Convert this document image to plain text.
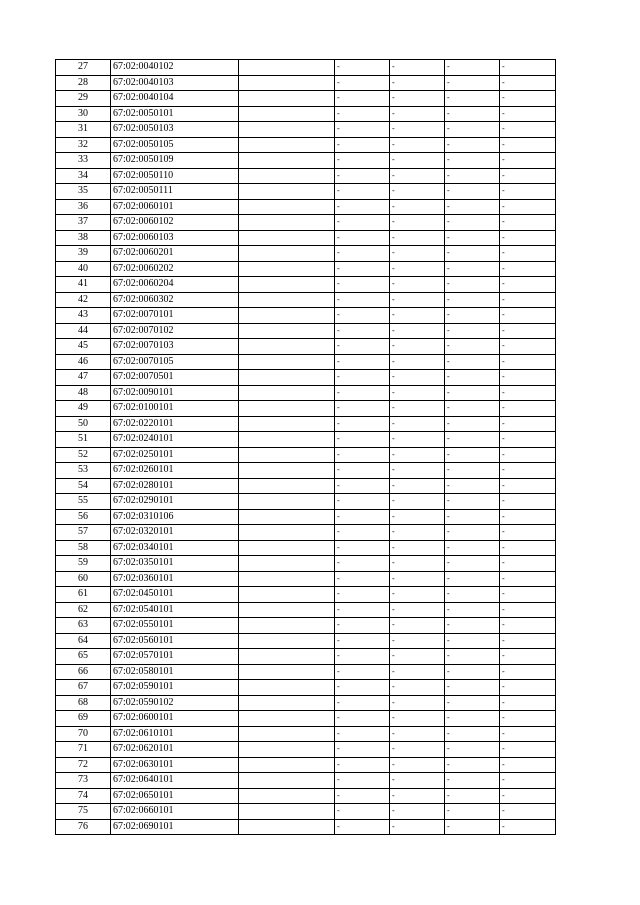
27	67:02:0040102		-	-	-	-
28	67:02:0040103		-	-	-	-
29	67:02:0040104		-	-	-	-
30	67:02:0050101		-	-	-	-
31	67:02:0050103		-	-	-	-
32	67:02:0050105		-	-	-	-
33	67:02:0050109		-	-	-	-
34	67:02:0050110		-	-	-	-
35	67:02:0050111		-	-	-	-
36	67:02:0060101		-	-	-	-
37	67:02:0060102		-	-	-	-
38	67:02:0060103		-	-	-	-
39	67:02:0060201		-	-	-	-
40	67:02:0060202		-	-	-	-
41	67:02:0060204		-	-	-	-
42	67:02:0060302		-	-	-	-
43	67:02:0070101		-	-	-	-
44	67:02:0070102		-	-	-	-
45	67:02:0070103		-	-	-	-
46	67:02:0070105		-	-	-	-
47	67:02:0070501		-	-	-	-
48	67:02:0090101		-	-	-	-
49	67:02:0100101		-	-	-	-
50	67:02:0220101		-	-	-	-
51	67:02:0240101		-	-	-	-
52	67:02:0250101		-	-	-	-
53	67:02:0260101		-	-	-	-
54	67:02:0280101		-	-	-	-
55	67:02:0290101		-	-	-	-
56	67:02:0310106		-	-	-	-
57	67:02:0320101		-	-	-	-
58	67:02:0340101		-	-	-	-
59	67:02:0350101		-	-	-	-
60	67:02:0360101		-	-	-	-
61	67:02:0450101		-	-	-	-
62	67:02:0540101		-	-	-	-
63	67:02:0550101		-	-	-	-
64	67:02:0560101		-	-	-	-
65	67:02:0570101		-	-	-	-
66	67:02:0580101		-	-	-	-
67	67:02:0590101		-	-	-	-
68	67:02:0590102		-	-	-	-
69	67:02:0600101		-	-	-	-
70	67:02:0610101		-	-	-	-
71	67:02:0620101		-	-	-	-
72	67:02:0630101		-	-	-	-
73	67:02:0640101		-	-	-	-
74	67:02:0650101		-	-	-	-
75	67:02:0660101		-	-	-	-
76	67:02:0690101		-	-	-	-
